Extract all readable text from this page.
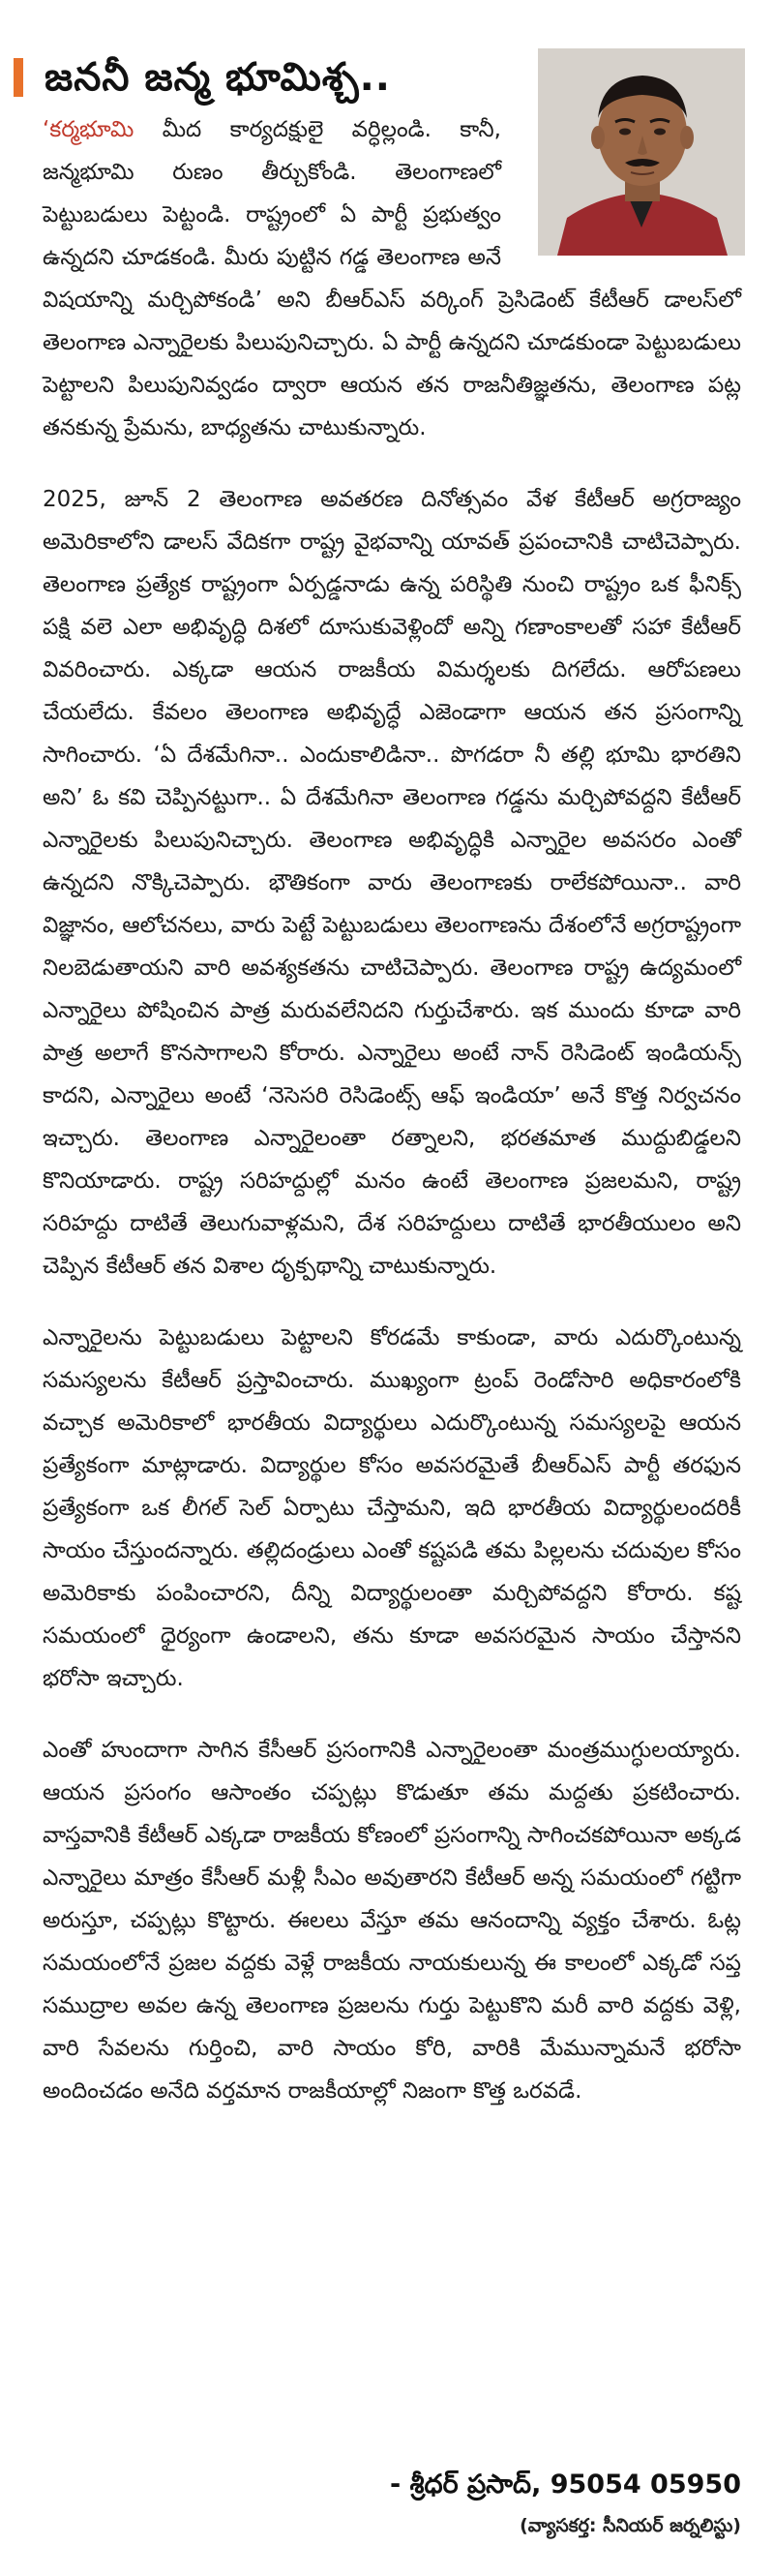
జననీ జన్మ భూమిశ్చ..

‘కర్మభూమి మీద కార్యదక్షులై వర్ధిల్లండి. కానీ, జన్మభూమి రుణం తీర్చుకోండి. తెలంగాణలో పెట్టుబడులు పెట్టండి. రాష్ట్రంలో ఏ పార్టీ ప్రభుత్వం ఉన్నదని చూడకండి. మీరు పుట్టిన గడ్డ తెలంగాణ అనే విషయాన్ని మర్చిపోకండి’ అని బీఆర్‌ఎస్ వర్కింగ్ ప్రెసిడెంట్ కేటీఆర్ డాలస్‌లో తెలంగాణ ఎన్నారైలకు పిలుపునిచ్చారు. ఏ పార్టీ ఉన్నదని చూడకుండా పెట్టుబడులు పెట్టాలని పిలుపునివ్వడం ద్వారా ఆయన తన రాజనీతిజ్ఞతను, తెలంగాణ పట్ల తనకున్న ప్రేమను, బాధ్యతను చాటుకున్నారు.

2025, జూన్ 2 తెలంగాణ అవతరణ దినోత్సవం వేళ కేటీఆర్ అగ్రరాజ్యం అమెరికాలోని డాలస్ వేదికగా రాష్ట్ర వైభవాన్ని యావత్ ప్రపంచానికి చాటిచెప్పారు. తెలంగాణ ప్రత్యేక రాష్ట్రంగా ఏర్పడ్డనాడు ఉన్న పరిస్థితి నుంచి రాష్ట్రం ఒక ఫీనిక్స్ పక్షి వలె ఎలా అభివృద్ధి దిశలో దూసుకువెళ్లిందో అన్ని గణాంకాలతో సహా కేటీఆర్ వివరించారు. ఎక్కడా ఆయన రాజకీయ విమర్శలకు దిగలేదు. ఆరోపణలు చేయలేదు. కేవలం తెలంగాణ అభివృద్ధే ఎజెండాగా ఆయన తన ప్రసంగాన్ని సాగించారు. ‘ఏ దేశమేగినా.. ఎందుకాలిడినా.. పొగడరా నీ తల్లి భూమి భారతిని అని’ ఓ కవి చెప్పినట్టుగా.. ఏ దేశమేగినా తెలంగాణ గడ్డను మర్చిపోవద్దని కేటీఆర్ ఎన్నారైలకు పిలుపునిచ్చారు. తెలంగాణ అభివృద్ధికి ఎన్నారైల అవసరం ఎంతో ఉన్నదని నొక్కిచెప్పారు. భౌతికంగా వారు తెలంగాణకు రాలేకపోయినా.. వారి విజ్ఞానం, ఆలోచనలు, వారు పెట్టే పెట్టుబడులు తెలంగాణను దేశంలోనే అగ్రరాష్ట్రంగా నిలబెడుతాయని వారి అవశ్యకతను చాటిచెప్పారు. తెలంగాణ రాష్ట్ర ఉద్యమంలో ఎన్నారైలు పోషించిన పాత్ర మరువలేనిదని గుర్తుచేశారు. ఇక ముందు కూడా వారి పాత్ర అలాగే కొనసాగాలని కోరారు. ఎన్నారైలు అంటే నాన్ రెసిడెంట్ ఇండియన్స్ కాదని, ఎన్నారైలు అంటే ‘నెసెసరి రెసిడెంట్స్ ఆఫ్ ఇండియా’ అనే కొత్త నిర్వచనం ఇచ్చారు. తెలంగాణ ఎన్నారైలంతా రత్నాలని, భరతమాత ముద్దుబిడ్డలని కొనియాడారు. రాష్ట్ర సరిహద్దుల్లో మనం ఉంటే తెలంగాణ ప్రజలమని, రాష్ట్ర సరిహద్దు దాటితే తెలుగువాళ్లమని, దేశ సరిహద్దులు దాటితే భారతీయులం అని చెప్పిన కేటీఆర్ తన విశాల దృక్పథాన్ని చాటుకున్నారు.

ఎన్నారైలను పెట్టుబడులు పెట్టాలని కోరడమే కాకుండా, వారు ఎదుర్కొంటున్న సమస్యలను కేటీఆర్ ప్రస్తావించారు. ముఖ్యంగా ట్రంప్ రెండోసారి అధికారంలోకి వచ్చాక అమెరికాలో భారతీయ విద్యార్థులు ఎదుర్కొంటున్న సమస్యలపై ఆయన ప్రత్యేకంగా మాట్లాడారు. విద్యార్థుల కోసం అవసరమైతే బీఆర్‌ఎస్ పార్టీ తరఫున ప్రత్యేకంగా ఒక లీగల్ సెల్ ఏర్పాటు చేస్తామని, ఇది భారతీయ విద్యార్థులందరికీ సాయం చేస్తుందన్నారు. తల్లిదండ్రులు ఎంతో కష్టపడి తమ పిల్లలను చదువుల కోసం అమెరికాకు పంపించారని, దీన్ని విద్యార్థులంతా మర్చిపోవద్దని కోరారు. కష్ట సమయంలో ధైర్యంగా ఉండాలని, తను కూడా అవసరమైన సాయం చేస్తానని భరోసా ఇచ్చారు.

ఎంతో హుందాగా సాగిన కేసీఆర్ ప్రసంగానికి ఎన్నారైలంతా మంత్రముగ్ధులయ్యారు. ఆయన ప్రసంగం ఆసాంతం చప్పట్లు కొడుతూ తమ మద్దతు ప్రకటించారు. వాస్తవానికి కేటీఆర్ ఎక్కడా రాజకీయ కోణంలో ప్రసంగాన్ని సాగించకపోయినా అక్కడ ఎన్నారైలు మాత్రం కేసీఆర్ మళ్లీ సీఎం అవుతారని కేటీఆర్ అన్న సమయంలో గట్టిగా అరుస్తూ, చప్పట్లు కొట్టారు. ఈలలు వేస్తూ తమ ఆనందాన్ని వ్యక్తం చేశారు. ఓట్ల సమయంలోనే ప్రజల వద్దకు వెళ్లే రాజకీయ నాయకులున్న ఈ కాలంలో ఎక్కడో సప్త సముద్రాల అవల ఉన్న తెలంగాణ ప్రజలను గుర్తు పెట్టుకొని మరీ వారి వద్దకు వెళ్లి, వారి సేవలను గుర్తించి, వారి సాయం కోరి, వారికి మేమున్నామనే భరోసా అందించడం అనేది వర్తమాన రాజకీయాల్లో నిజంగా కొత్త ఒరవడే.

- శ్రీధర్ ప్రసాద్, 95054 05950
(వ్యాసకర్త: సీనియర్ జర్నలిస్టు)
